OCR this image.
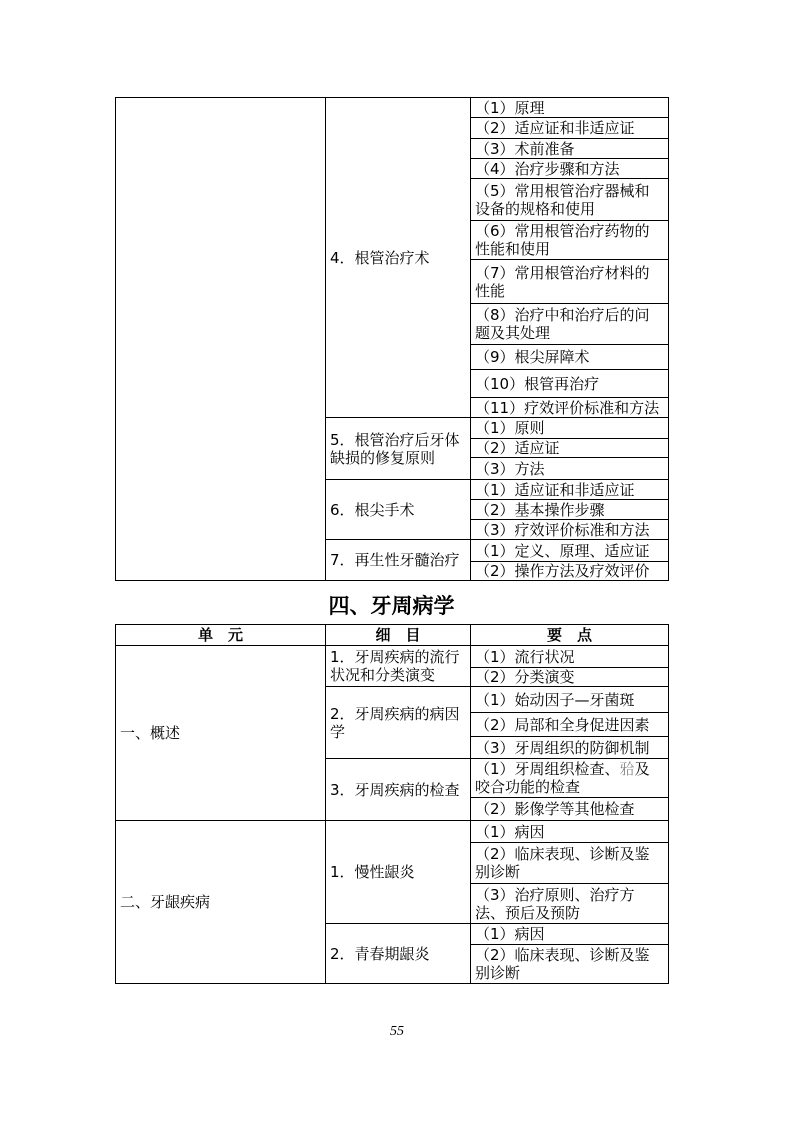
	4．根管治疗术	（1）原理
		（2）适应证和非适应证
		（3）术前准备
		（4）治疗步骤和方法
		（5）常用根管治疗器械和设备的规格和使用
		（6）常用根管治疗药物的性能和使用
		（7）常用根管治疗材料的性能
		（8）治疗中和治疗后的问题及其处理
		（9）根尖屏障术
		（10）根管再治疗
		（11）疗效评价标准和方法
	5．根管治疗后牙体缺损的修复原则	（1）原则
		（2）适应证
		（3）方法
	6．根尖手术	（1）适应证和非适应证
		（2）基本操作步骤
		（3）疗效评价标准和方法
	7．再生性牙髓治疗	（1）定义、原理、适应证
		（2）操作方法及疗效评价
四、牙周病学
单　元	细　目	要　点
一、概述	1．牙周疾病的流行状况和分类演变	（1）流行状况
		（2）分类演变
	2．牙周疾病的病因学	（1）始动因子—牙菌斑
		（2）局部和全身促进因素
		（3）牙周组织的防御机制
	3．牙周疾病的检查	（1）牙周组织检查、𬌗及咬合功能的检查
		（2）影像学等其他检查
二、牙龈疾病	1．慢性龈炎	（1）病因
		（2）临床表现、诊断及鉴别诊断
		（3）治疗原则、治疗方法、预后及预防
	2．青春期龈炎	（1）病因
		（2）临床表现、诊断及鉴别诊断
55
